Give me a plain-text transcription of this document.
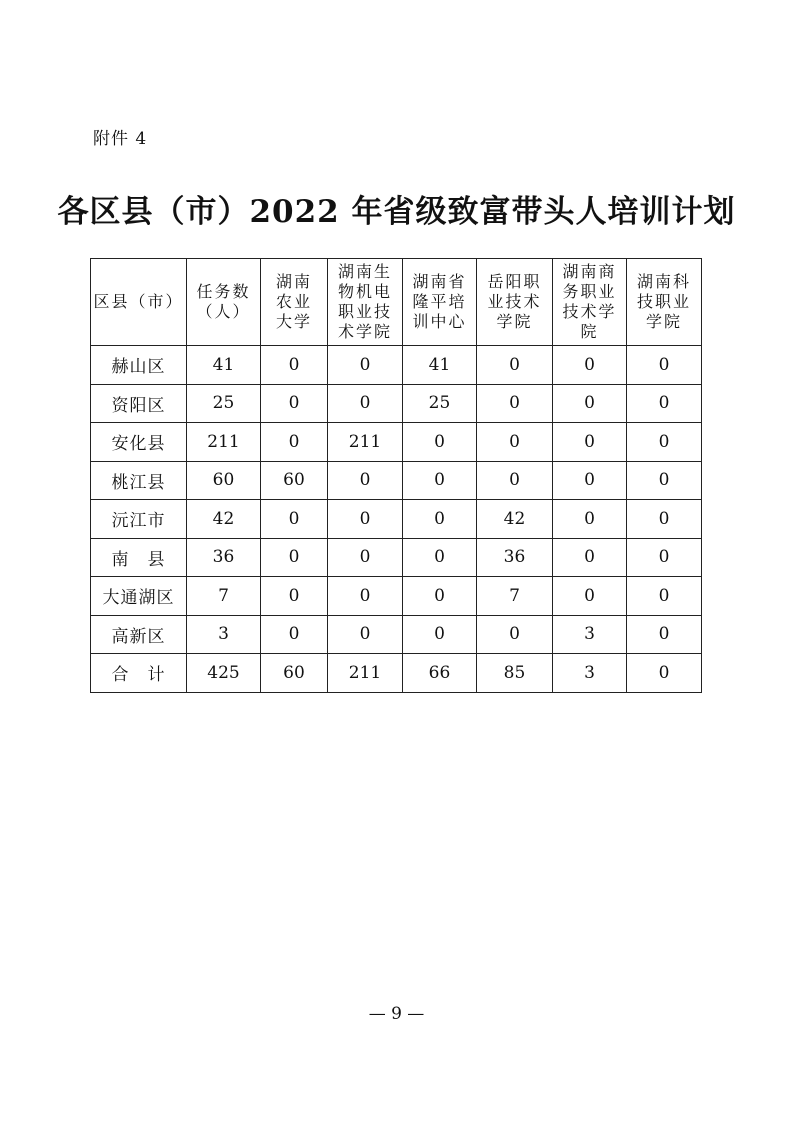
附件 4
各区县（市）2022 年省级致富带头人培训计划
区县（市）	任务数（人）	湖南农业大学	湖南生物机电职业技术学院	湖南省隆平培训中心	岳阳职业技术学院	湖南商务职业技术学院	湖南科技职业学院
赫山区	41	0	0	41	0	0	0
资阳区	25	0	0	25	0	0	0
安化县	211	0	211	0	0	0	0
桃江县	60	60	0	0	0	0	0
沅江市	42	0	0	0	42	0	0
南　县	36	0	0	0	36	0	0
大通湖区	7	0	0	0	7	0	0
高新区	3	0	0	0	0	3	0
合　计	425	60	211	66	85	3	0
— 9 —
